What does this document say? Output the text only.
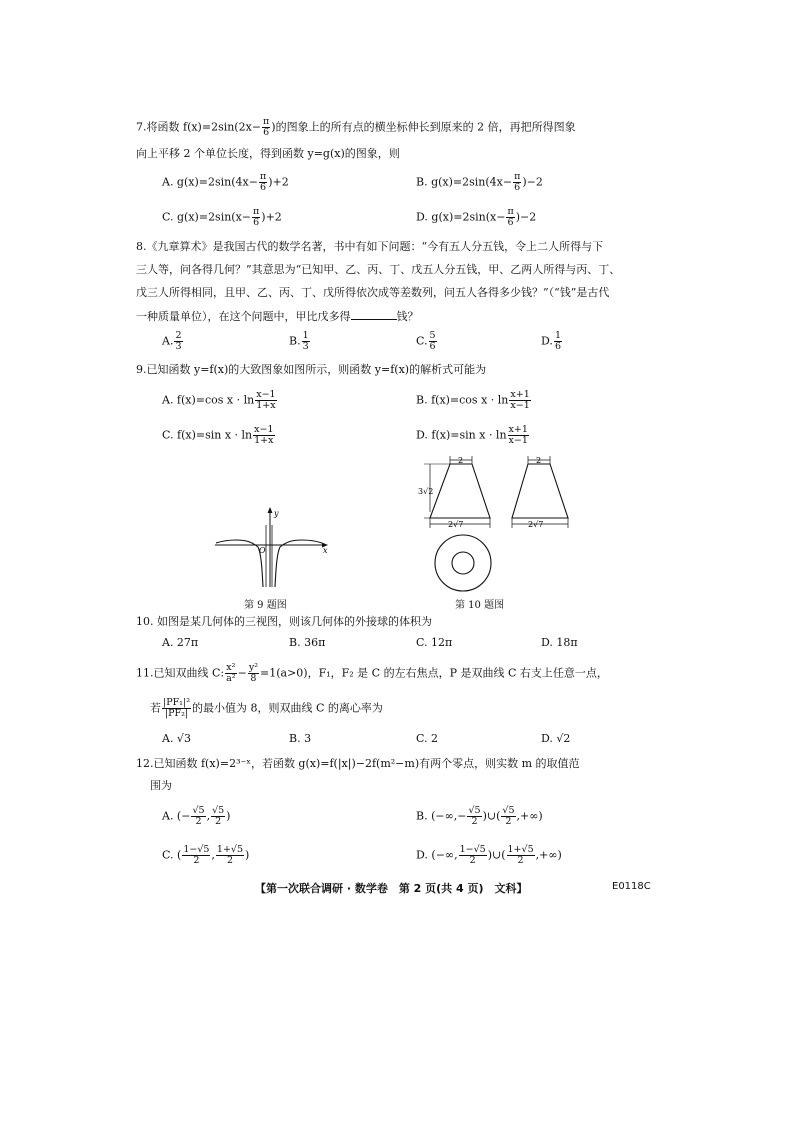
7.将函数 $f(x)=2\sin(2x- \frac{\pi}{6}$ )的图象上的所有点的横坐标伸长到原来的 2 倍，再把所得图象
向上平移 2 个单位长度，得到函数 y=g(x)的图象，则
A. $g(x)=2\sin(4x- \frac{\pi}{6} )+2$	B. $g(x)=2\sin(4x- \frac{\pi}{6} )-2$
C. $g(x)=2\sin(x- \frac{\pi}{6} )+2$	D. $g(x)=2\sin(x- \frac{\pi}{6} )-2$
8.《九章算术》是我国古代的数学名著，书中有如下问题：“今有五人分五钱，令上二人所得与下
三人等，问各得几何？”其意思为“已知甲、乙、丙、丁、戊五人分五钱，甲、乙两人所得与丙、丁、
戊三人所得相同，且甲、乙、丙、丁、戊所得依次成等差数列，问五人各得多少钱？”（“钱”是古代
一种质量单位），在这个问题中，甲比戊多得	钱？
A. $\frac{2}{3}$	B. $\frac{1}{3}$	C. $\frac{5}{6}$	D. $\frac{1}{6}$
9.已知函数 y=f(x)的大致图象如图所示，则函数 y=f(x)的解析式可能为
A. f(x)=cos $x \cdot \ln \frac{x-1}{1+x}$	B. f(x)=cos $x \cdot \ln \frac{x+1}{x-1}$
C. f(x)=sin $x \cdot \ln \frac{x-1}{1+x}$	D. f(x)=sin $x \cdot \ln \frac{x+1}{x-1}$
y
x
O
第 9 题图
2
3√2
2√7
2
2√7
第 10 题图
10. 如图是某几何体的三视图，则该几何体的外接球的体积为
A. 27π	B. 36π	C. 12π	D. 18π
11.已知双曲线 C: $\frac{\text{x²}}{\text{a²}} - \frac{\text{y²}}{8} =1(a>0)$，F₁，F₂ 是 C 的左右焦点，P 是双曲线 C 右支上任意一点，
若 $\frac{\text{|PF₁|²}}{\text{|PF₂|}}$ 的最小值为 8，则双曲线 C 的离心率为
A. √3	B. 3	C. 2	D. √2
12.已知函数 f(x)=2³⁻ˣ，若函数 g(x)=f(|x|)−2f(m²−m)有两个零点，则实数 m 的取值范
围为
A. (− $\frac{√5}{2}$ , $\frac{√5}{2}$ )	B. (−∞,− $\frac{√5}{2}$ )∪( $\frac{√5}{2}$ ,+∞)
C. ( $\frac{1-√5}{2}$ , $\frac{1+√5}{2}$ )	D. (−∞, $\frac{1-√5}{2}$ )∪( $\frac{1+√5}{2}$ ,+∞)
【第一次联合调研 · 数学卷　第 2 页(共 4 页)　文科】	E0118C
